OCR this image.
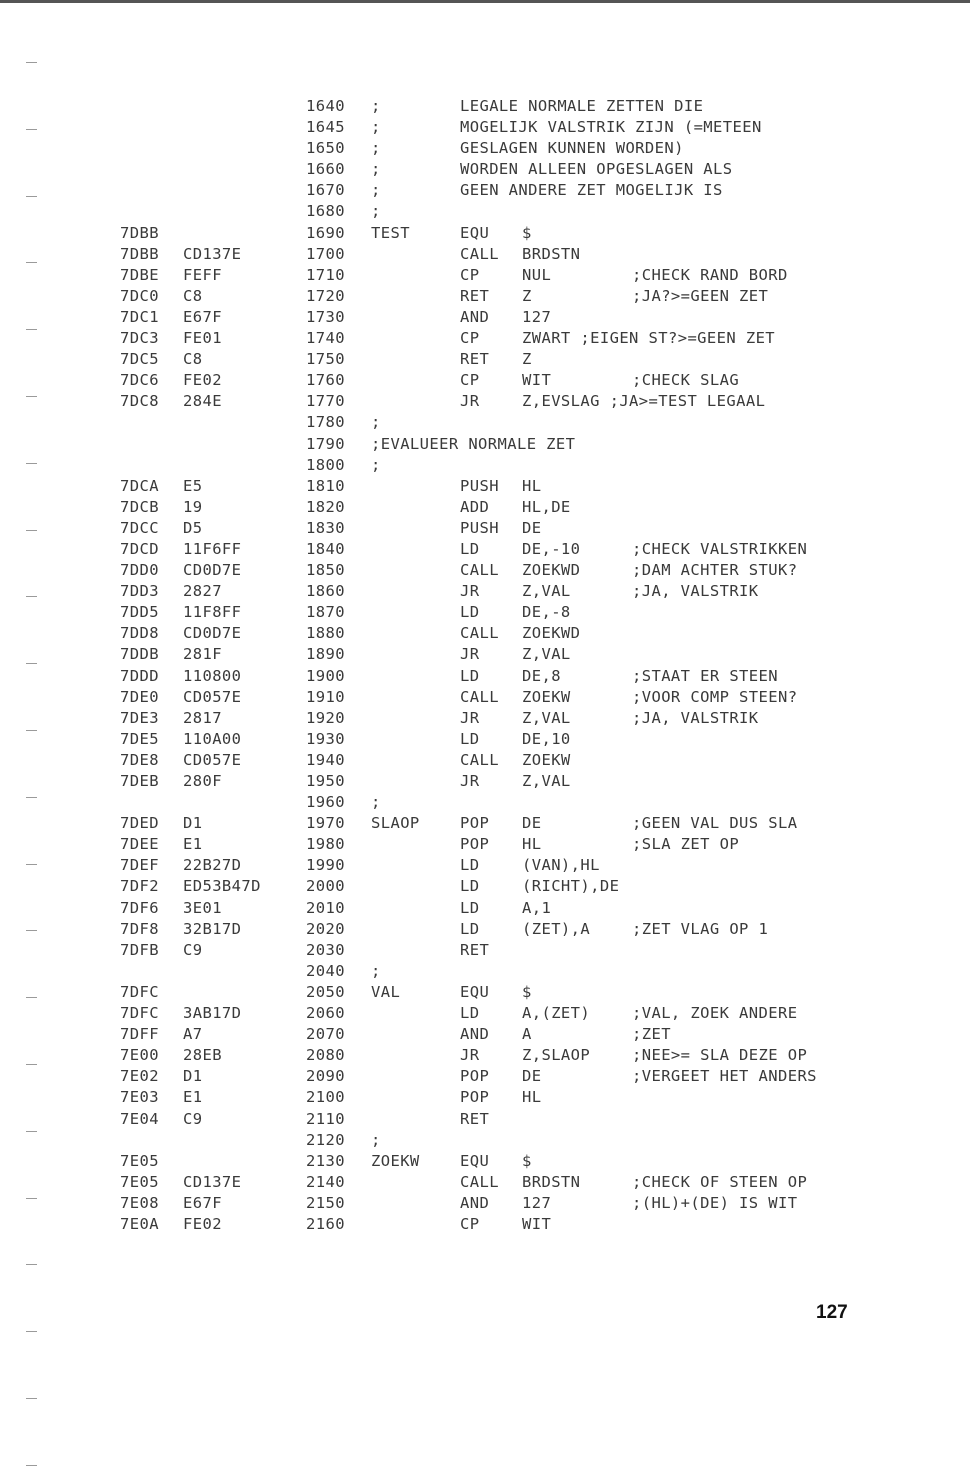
1640 ;	LEGALE NORMALE ZETTEN DIE
1645 ;	MOGELIJK VALSTRIK ZIJN (=METEEN
1650 ;	GESLAGEN KUNNEN WORDEN)
1660 ;	WORDEN ALLEEN OPGESLAGEN ALS
1670 ;	GEEN ANDERE ZET MOGELIJK IS
1680 ;
7DBB	1690 TEST	EQU $
7DBB CD137E	1700	CALL BRDSTN
7DBE FEFF	1710	CP	NUL	;CHECK RAND BORD
7DC0 C8	1720	RET Z	;JA?>=GEEN ZET
7DC1 E67F	1730	AND 127
7DC3 FE01	1740	CP	ZWART ;EIGEN ST?>=GEEN ZET
7DC5 C8	1750	RET Z
7DC6 FE02	1760	CP	WIT	;CHECK SLAG
7DC8 284E	1770	JR	Z,EVSLAG ;JA>=TEST LEGAAL
1780 ;
1790 ;EVALUEER NORMALE ZET
1800 ;
7DCA E5	1810	PUSH HL
7DCB 19	1820	ADD HL,DE
7DCC D5	1830	PUSH DE
7DCD 11F6FF	1840	LD	DE,-10	;CHECK VALSTRIKKEN
7DD0 CD0D7E	1850	CALL ZOEKWD	;DAM ACHTER STUK?
7DD3 2827	1860	JR	Z,VAL	;JA, VALSTRIK
7DD5 11F8FF	1870	LD	DE,-8
7DD8 CD0D7E	1880	CALL ZOEKWD
7DDB 281F	1890	JR	Z,VAL
7DDD 110800	1900	LD	DE,8	;STAAT ER STEEN
7DE0 CD057E	1910	CALL ZOEKW	;VOOR COMP STEEN?
7DE3 2817	1920	JR	Z,VAL	;JA, VALSTRIK
7DE5 110A00	1930	LD	DE,10
7DE8 CD057E	1940	CALL ZOEKW
7DEB 280F	1950	JR	Z,VAL
1960 ;
7DED D1	1970 SLAOP	POP DE	;GEEN VAL DUS SLA
7DEE E1	1980	POP HL	;SLA ZET OP
7DEF 22B27D	1990	LD	(VAN),HL
7DF2 ED53B47D	2000	LD	(RICHT),DE
7DF6 3E01	2010	LD	A,1
7DF8 32B17D	2020	LD	(ZET),A	;ZET VLAG OP 1
7DFB C9	2030	RET
2040 ;
7DFC	2050 VAL	EQU $
7DFC 3AB17D	2060	LD	A,(ZET)	;VAL, ZOEK ANDERE
7DFF A7	2070	AND A	;ZET
7E00 28EB	2080	JR	Z,SLAOP	;NEE>= SLA DEZE OP
7E02 D1	2090	POP DE	;VERGEET HET ANDERS
7E03 E1	2100	POP HL
7E04 C9	2110	RET
2120 ;
7E05	2130 ZOEKW	EQU $
7E05 CD137E	2140	CALL BRDSTN	;CHECK OF STEEN OP
7E08 E67F	2150	AND 127	;(HL)+(DE) IS WIT
7E0A FE02	2160	CP	WIT
127
